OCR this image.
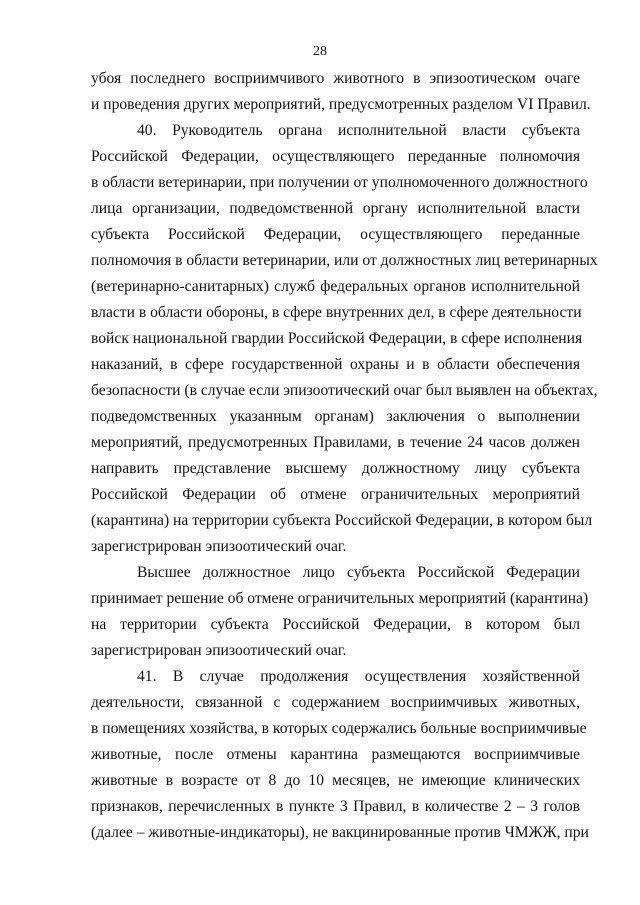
28
убоя последнего восприимчивого животного в эпизоотическом очаге
и проведения других мероприятий, предусмотренных разделом VI Правил.
40. Руководитель органа исполнительной власти субъекта
Российской Федерации, осуществляющего переданные полномочия
в области ветеринарии, при получении от уполномоченного должностного
лица организации, подведомственной органу исполнительной власти
субъекта Российской Федерации, осуществляющего переданные
полномочия в области ветеринарии, или от должностных лиц ветеринарных
(ветеринарно-санитарных) служб федеральных органов исполнительной
власти в области обороны, в сфере внутренних дел, в сфере деятельности
войск национальной гвардии Российской Федерации, в сфере исполнения
наказаний, в сфере государственной охраны и в области обеспечения
безопасности (в случае если эпизоотический очаг был выявлен на объектах,
подведомственных указанным органам) заключения о выполнении
мероприятий, предусмотренных Правилами, в течение 24 часов должен
направить представление высшему должностному лицу субъекта
Российской Федерации об отмене ограничительных мероприятий
(карантина) на территории субъекта Российской Федерации, в котором был
зарегистрирован эпизоотический очаг.
Высшее должностное лицо субъекта Российской Федерации
принимает решение об отмене ограничительных мероприятий (карантина)
на территории субъекта Российской Федерации, в котором был
зарегистрирован эпизоотический очаг.
41. В случае продолжения осуществления хозяйственной
деятельности, связанной с содержанием восприимчивых животных,
в помещениях хозяйства, в которых содержались больные восприимчивые
животные, после отмены карантина размещаются восприимчивые
животные в возрасте от 8 до 10 месяцев, не имеющие клинических
признаков, перечисленных в пункте 3 Правил, в количестве 2 – 3 голов
(далее – животные-индикаторы), не вакцинированные против ЧМЖЖ, при
